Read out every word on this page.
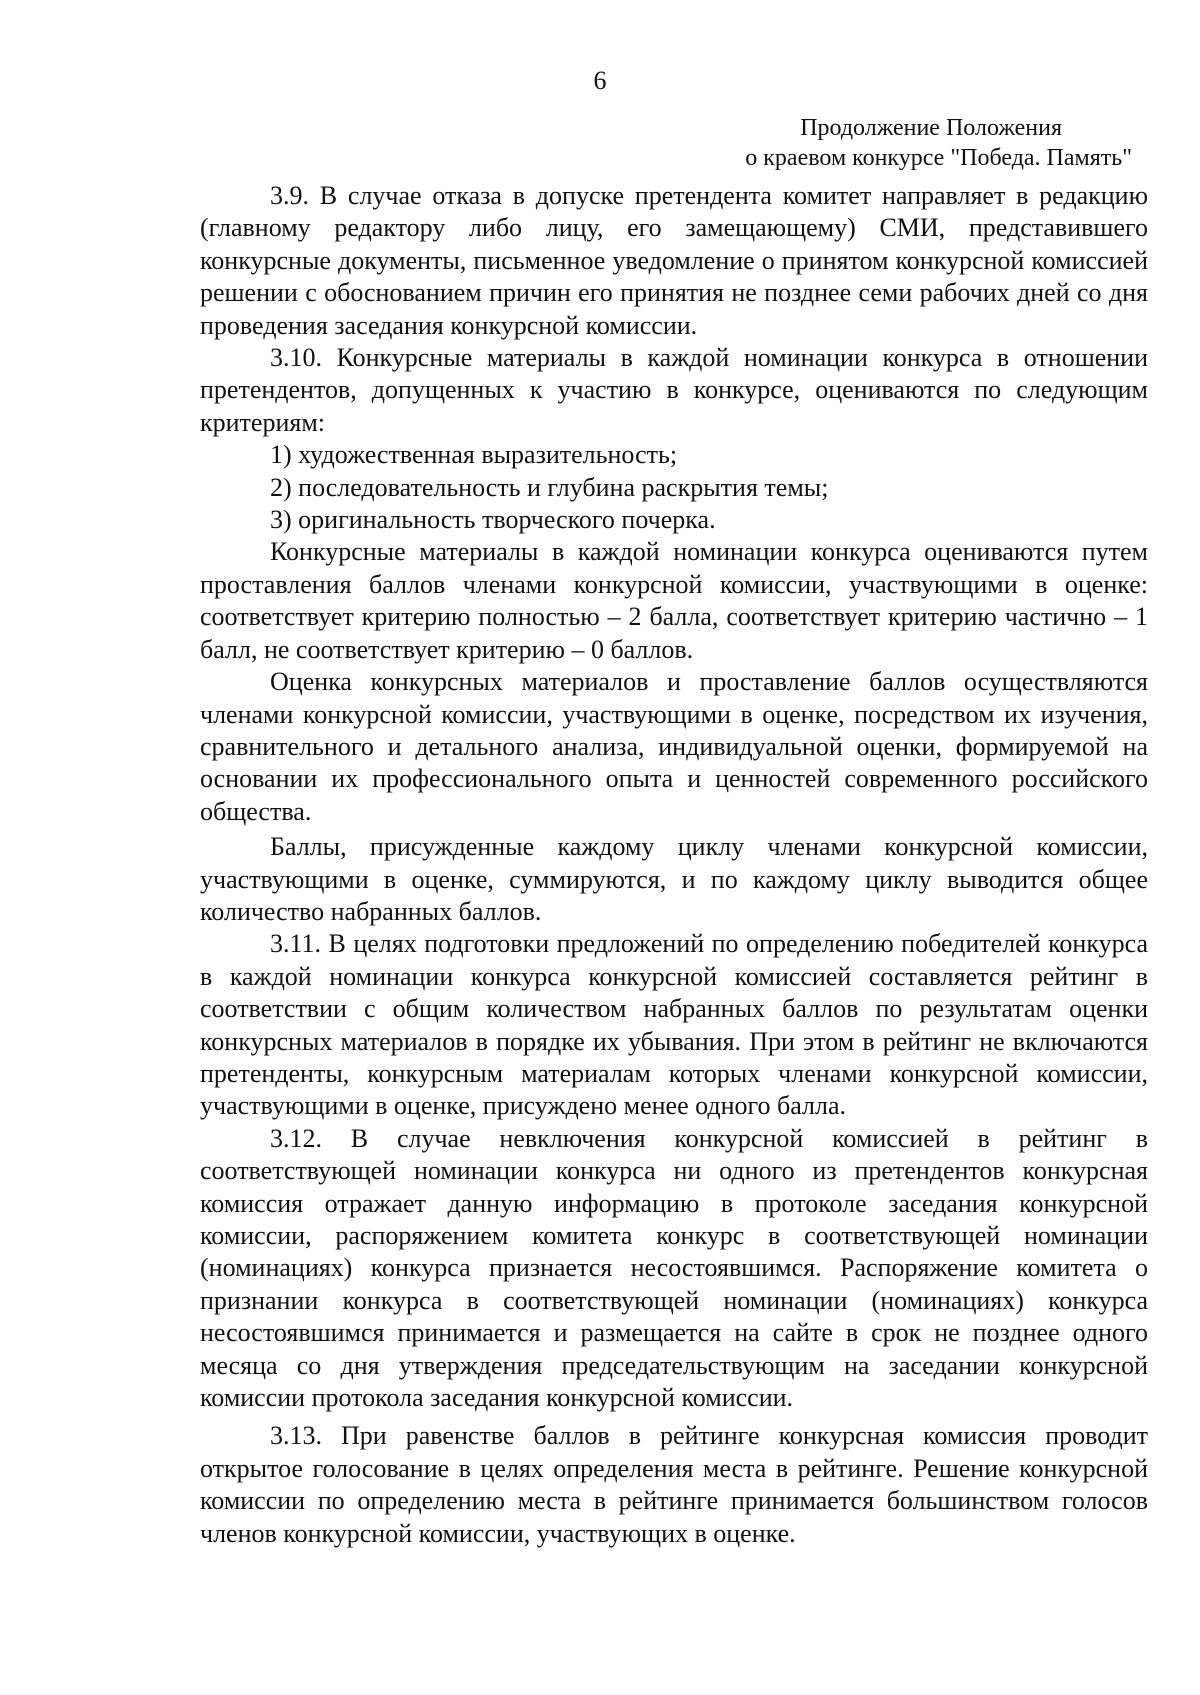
6
Продолжение Положения
о краевом конкурсе "Победа. Память"

3.9. В случае отказа в допуске претендента комитет направляет в редакцию (главному редактору либо лицу, его замещающему) СМИ, представившего конкурсные документы, письменное уведомление о принятом конкурсной комиссией решении с обоснованием причин его принятия не позднее семи рабочих дней со дня проведения заседания конкурсной комиссии.

3.10. Конкурсные материалы в каждой номинации конкурса в отношении претендентов, допущенных к участию в конкурсе, оцениваются по следующим критериям:

1) художественная выразительность;

2) последовательность и глубина раскрытия темы;

3) оригинальность творческого почерка.

Конкурсные материалы в каждой номинации конкурса оцениваются путем проставления баллов членами конкурсной комиссии, участвующими в оценке: соответствует критерию полностью – 2 балла, соответствует критерию частично – 1 балл, не соответствует критерию – 0 баллов.

Оценка конкурсных материалов и проставление баллов осуществляются членами конкурсной комиссии, участвующими в оценке, посредством их изучения, сравнительного и детального анализа, индивидуальной оценки, формируемой на основании их профессионального опыта и ценностей современного российского общества.

Баллы, присужденные каждому циклу членами конкурсной комиссии, участвующими в оценке, суммируются, и по каждому циклу выводится общее количество набранных баллов.

3.11. В целях подготовки предложений по определению победителей конкурса в каждой номинации конкурса конкурсной комиссией составляется рейтинг в соответствии с общим количеством набранных баллов по результатам оценки конкурсных материалов в порядке их убывания. При этом в рейтинг не включаются претенденты, конкурсным материалам которых членами конкурсной комиссии, участвующими в оценке, присуждено менее одного балла.

3.12. В случае невключения конкурсной комиссией в рейтинг в соответствующей номинации конкурса ни одного из претендентов конкурсная комиссия отражает данную информацию в протоколе заседания конкурсной комиссии, распоряжением комитета конкурс в соответствующей номинации (номинациях) конкурса признается несостоявшимся. Распоряжение комитета о признании конкурса в соответствующей номинации (номинациях) конкурса несостоявшимся принимается и размещается на сайте в срок не позднее одного месяца со дня утверждения председательствующим на заседании конкурсной комиссии протокола заседания конкурсной комиссии.

3.13. При равенстве баллов в рейтинге конкурсная комиссия проводит открытое голосование в целях определения места в рейтинге. Решение конкурсной комиссии по определению места в рейтинге принимается большинством голосов членов конкурсной комиссии, участвующих в оценке.
